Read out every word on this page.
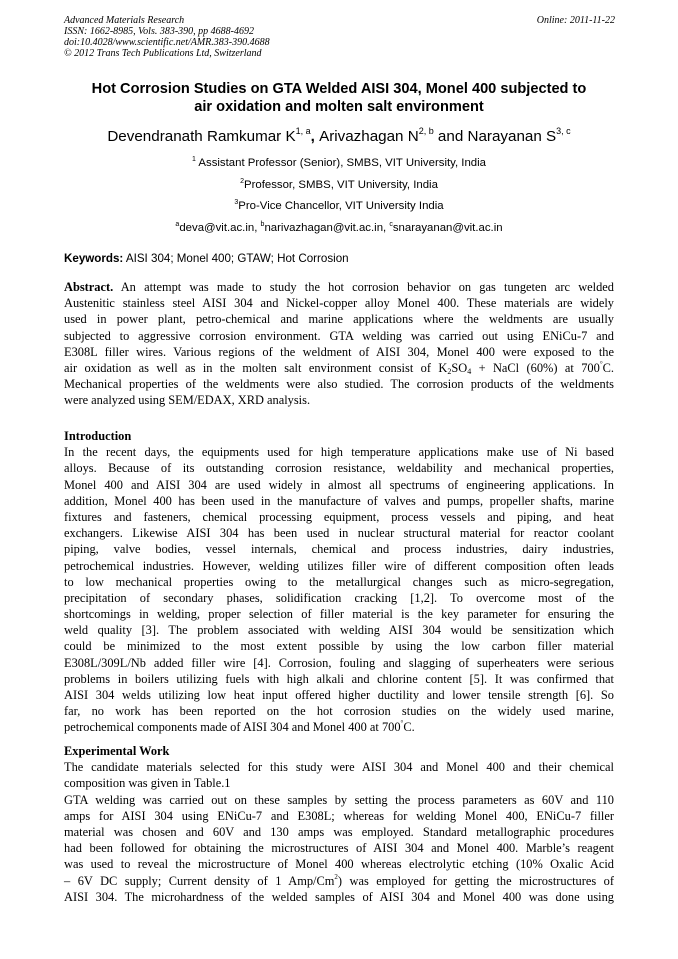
Advanced Materials Research
ISSN: 1662-8985, Vols. 383-390, pp 4688-4692
doi:10.4028/www.scientific.net/AMR.383-390.4688
© 2012 Trans Tech Publications Ltd, Switzerland
Online: 2011-11-22
Hot Corrosion Studies on GTA Welded AISI 304, Monel 400 subjected to
air oxidation and molten salt environment
Devendranath Ramkumar K$^{1, a}$, Arivazhagan N$^{2, b}$ and Narayanan S$^{3, c}$
$^1$ Assistant Professor (Senior), SMBS, VIT University, India
$^2$Professor, SMBS, VIT University, India
$^3$Pro-Vice Chancellor, VIT University India
$^a$deva@vit.ac.in, $^b$narivazhagan@vit.ac.in, $^c$snarayanan@vit.ac.in
Keywords: AISI 304; Monel 400; GTAW; Hot Corrosion
Abstract. An attempt was made to study the hot corrosion behavior on gas tungeten arc welded
Austenitic stainless steel AISI 304 and Nickel-copper alloy Monel 400. These materials are widely
used in power plant, petro-chemical and marine applications where the weldments are usually
subjected to aggressive corrosion environment. GTA welding was carried out using ENiCu-7 and
E308L filler wires. Various regions of the weldment of AISI 304, Monel 400 were exposed to the
air oxidation as well as in the molten salt environment consist of $K_2SO_4$ + NaCl (60%) at 700°C.
Mechanical properties of the weldments were also studied. The corrosion products of the weldments
were analyzed using SEM/EDAX, XRD analysis.
Introduction
In the recent days, the equipments used for high temperature applications make use of Ni based
alloys. Because of its outstanding corrosion resistance, weldability and mechanical properties,
Monel 400 and AISI 304 are used widely in almost all spectrums of engineering applications. In
addition, Monel 400 has been used in the manufacture of valves and pumps, propeller shafts, marine
fixtures and fasteners, chemical processing equipment, process vessels and piping, and heat
exchangers. Likewise AISI 304 has been used in nuclear structural material for reactor coolant
piping, valve bodies, vessel internals, chemical and process industries, dairy industries,
petrochemical industries. However, welding utilizes filler wire of different composition often leads
to low mechanical properties owing to the metallurgical changes such as micro-segregation,
precipitation of secondary phases, solidification cracking [1,2]. To overcome most of the
shortcomings in welding, proper selection of filler material is the key parameter for ensuring the
weld quality [3]. The problem associated with welding AISI 304 would be sensitization which
could be minimized to the most extent possible by using the low carbon filler material
E308L/309L/Nb added filler wire [4]. Corrosion, fouling and slagging of superheaters were serious
problems in boilers utilizing fuels with high alkali and chlorine content [5]. It was confirmed that
AISI 304 welds utilizing low heat input offered higher ductility and lower tensile strength [6]. So
far, no work has been reported on the hot corrosion studies on the widely used marine,
petrochemical components made of AISI 304 and Monel 400 at 700°C.
Experimental Work
The candidate materials selected for this study were AISI 304 and Monel 400 and their chemical
composition was given in Table.1
GTA welding was carried out on these samples by setting the process parameters as 60V and 110
amps for AISI 304 using ENiCu-7 and E308L; whereas for welding Monel 400, ENiCu-7 filler
material was chosen and 60V and 130 amps was employed. Standard metallographic procedures
had been followed for obtaining the microstructures of AISI 304 and Monel 400. Marble’s reagent
was used to reveal the microstructure of Monel 400 whereas electrolytic etching (10% Oxalic Acid
– 6V DC supply; Current density of 1 Amp/Cm$^2$) was employed for getting the microstructures of
AISI 304. The microhardness of the welded samples of AISI 304 and Monel 400 was done using
